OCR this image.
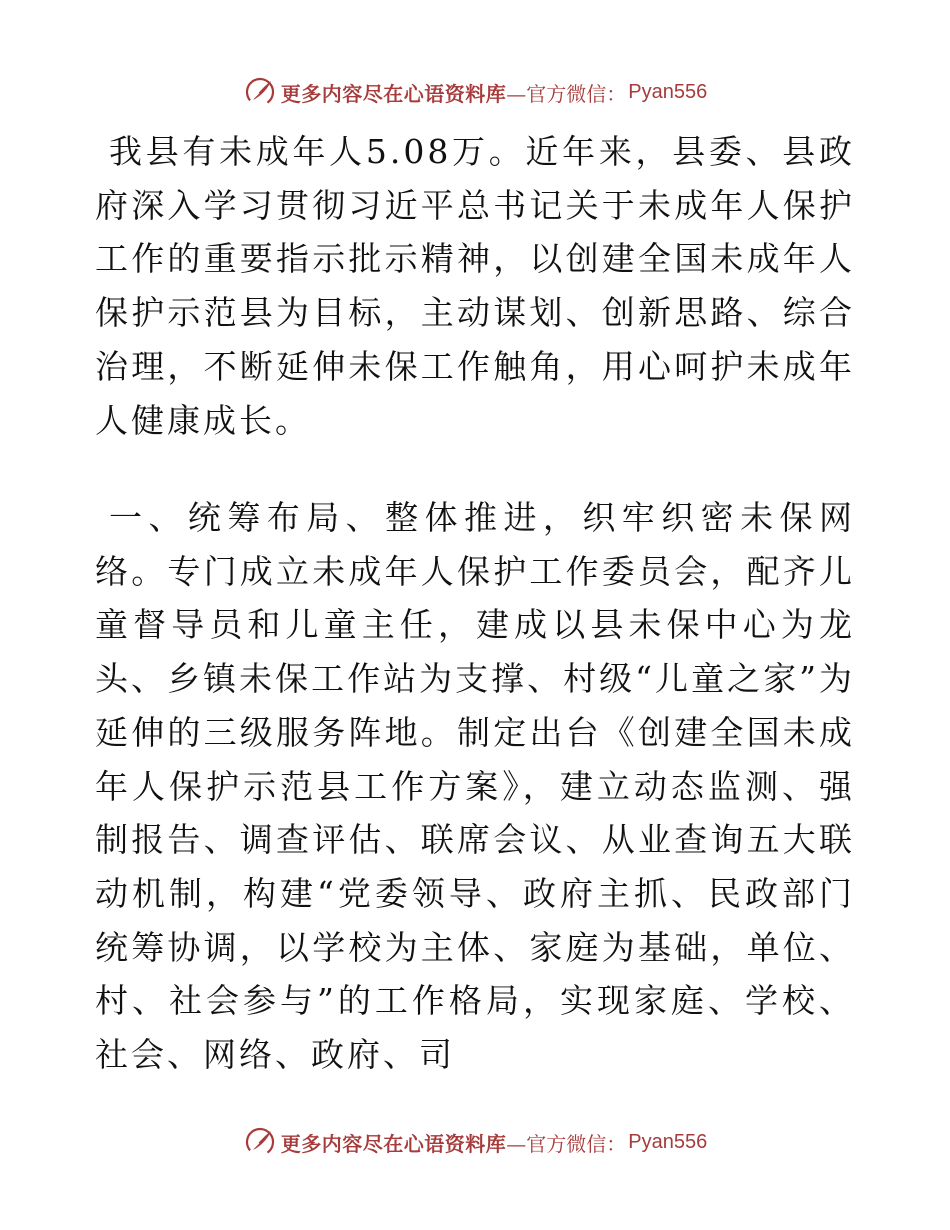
更多内容尽在心语资料库 —官方微信： Pyan556

我县有未成年人5.08万。近年来，县委、县政府深入学习贯彻习近平总书记关于未成年人保护工作的重要指示批示精神，以创建全国未成年人保护示范县为目标，主动谋划、创新思路、综合治理，不断延伸未保工作触角，用心呵护未成年人健康成长。

一、统筹布局、整体推进，织牢织密未保网络。专门成立未成年人保护工作委员会，配齐儿童督导员和儿童主任，建成以县未保中心为龙头、乡镇未保工作站为支撑、村级“儿童之家”为延伸的三级服务阵地。制定出台《创建全国未成年人保护示范县工作方案》，建立动态监测、强制报告、调查评估、联席会议、从业查询五大联动机制，构建“党委领导、政府主抓、民政部门统筹协调，以学校为主体、家庭为基础，单位、村、社会参与”的工作格局，实现家庭、学校、社会、网络、政府、司

更多内容尽在心语资料库 —官方微信： Pyan556
